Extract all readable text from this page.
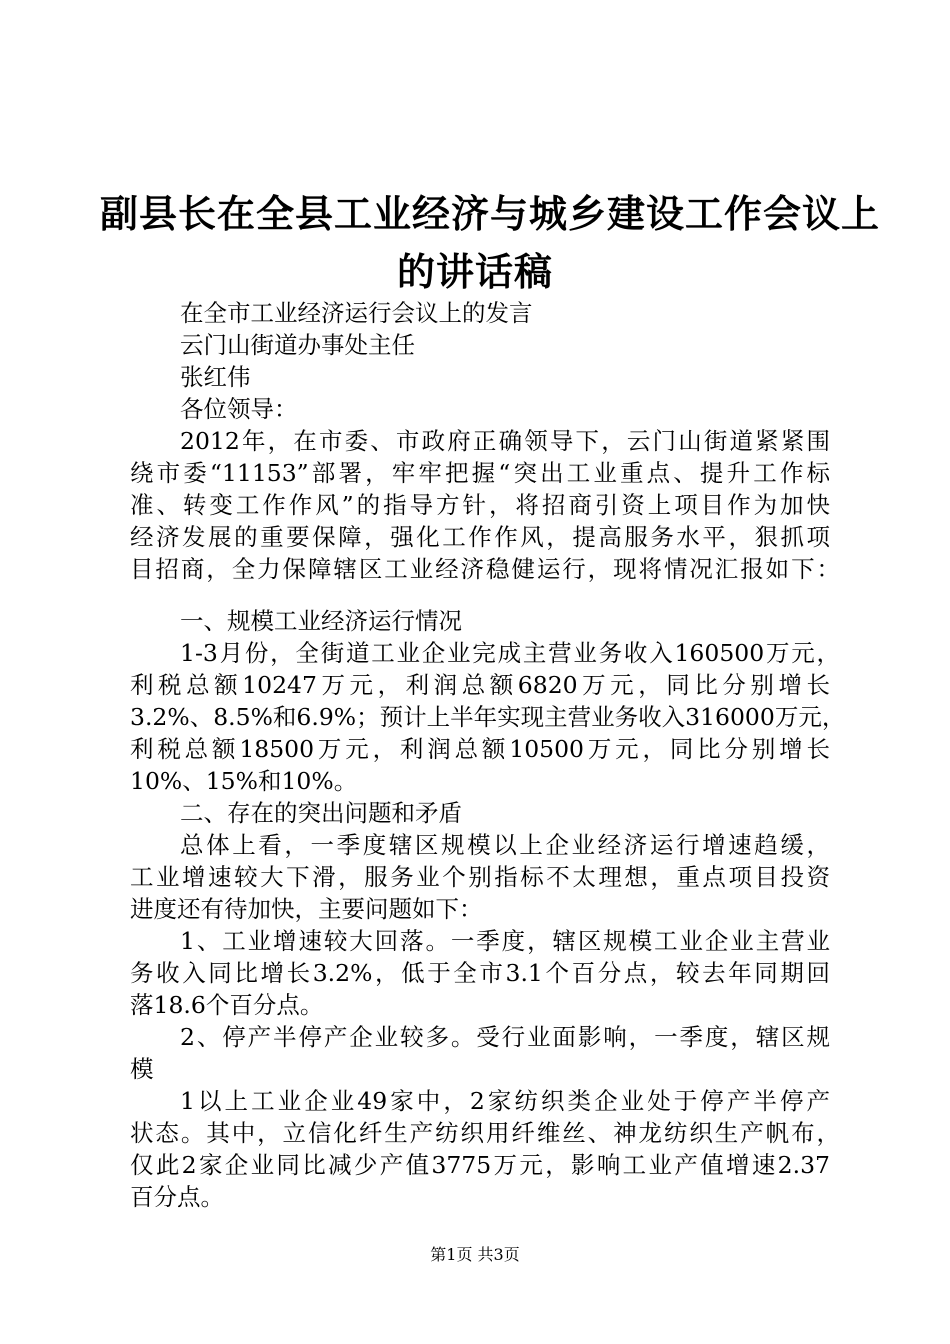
副县长在全县工业经济与城乡建设工作会议上
的讲话稿
在全市工业经济运行会议上的发言
云门山街道办事处主任
张红伟
各位领导：
2012年，在市委、市政府正确领导下，云门山街道紧紧围
绕市委“11153”部署，牢牢把握“突出工业重点、提升工作标
准、转变工作作风”的指导方针，将招商引资上项目作为加快
经济发展的重要保障，强化工作作风，提高服务水平，狠抓项
目招商，全力保障辖区工业经济稳健运行，现将情况汇报如下：
一、规模工业经济运行情况
1-3月份，全街道工业企业完成主营业务收入160500万元，
利税总额10247万元，利润总额6820万元，同比分别增长
3.2%、8.5%和6.9%；预计上半年实现主营业务收入316000万元，
利税总额18500万元，利润总额10500万元，同比分别增长
10%、15%和10%。
二、存在的突出问题和矛盾
总体上看，一季度辖区规模以上企业经济运行增速趋缓，
工业增速较大下滑，服务业个别指标不太理想，重点项目投资
进度还有待加快，主要问题如下：
1、工业增速较大回落。一季度，辖区规模工业企业主营业
务收入同比增长3.2%，低于全市3.1个百分点，较去年同期回
落18.6个百分点。
2、停产半停产企业较多。受行业面影响，一季度，辖区规
模
1以上工业企业49家中，2家纺织类企业处于停产半停产
状态。其中，立信化纤生产纺织用纤维丝、神龙纺织生产帆布，
仅此2家企业同比减少产值3775万元，影响工业产值增速2.37
百分点。
第1页 共3页
